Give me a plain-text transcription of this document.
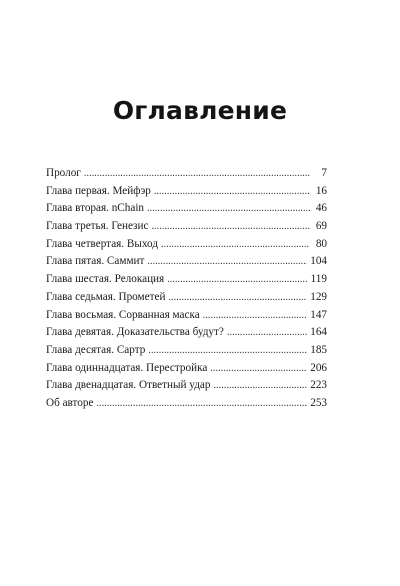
Оглавление
Пролог . . .	7
Глава первая. Мейфэр . . .	16
Глава вторая. nChain . . .	46
Глава третья. Генезис . . .	69
Глава четвертая. Выход . . .	80
Глава пятая. Саммит . . .	104
Глава шестая. Релокация . . .	119
Глава седьмая. Прометей . . .	129
Глава восьмая. Сорванная маска . . .	147
Глава девятая. Доказательства будут? . . .	164
Глава десятая. Сартр . . .	185
Глава одиннадцатая. Перестройка . . .	206
Глава двенадцатая. Ответный удар . . .	223
Об авторе . . .	253
